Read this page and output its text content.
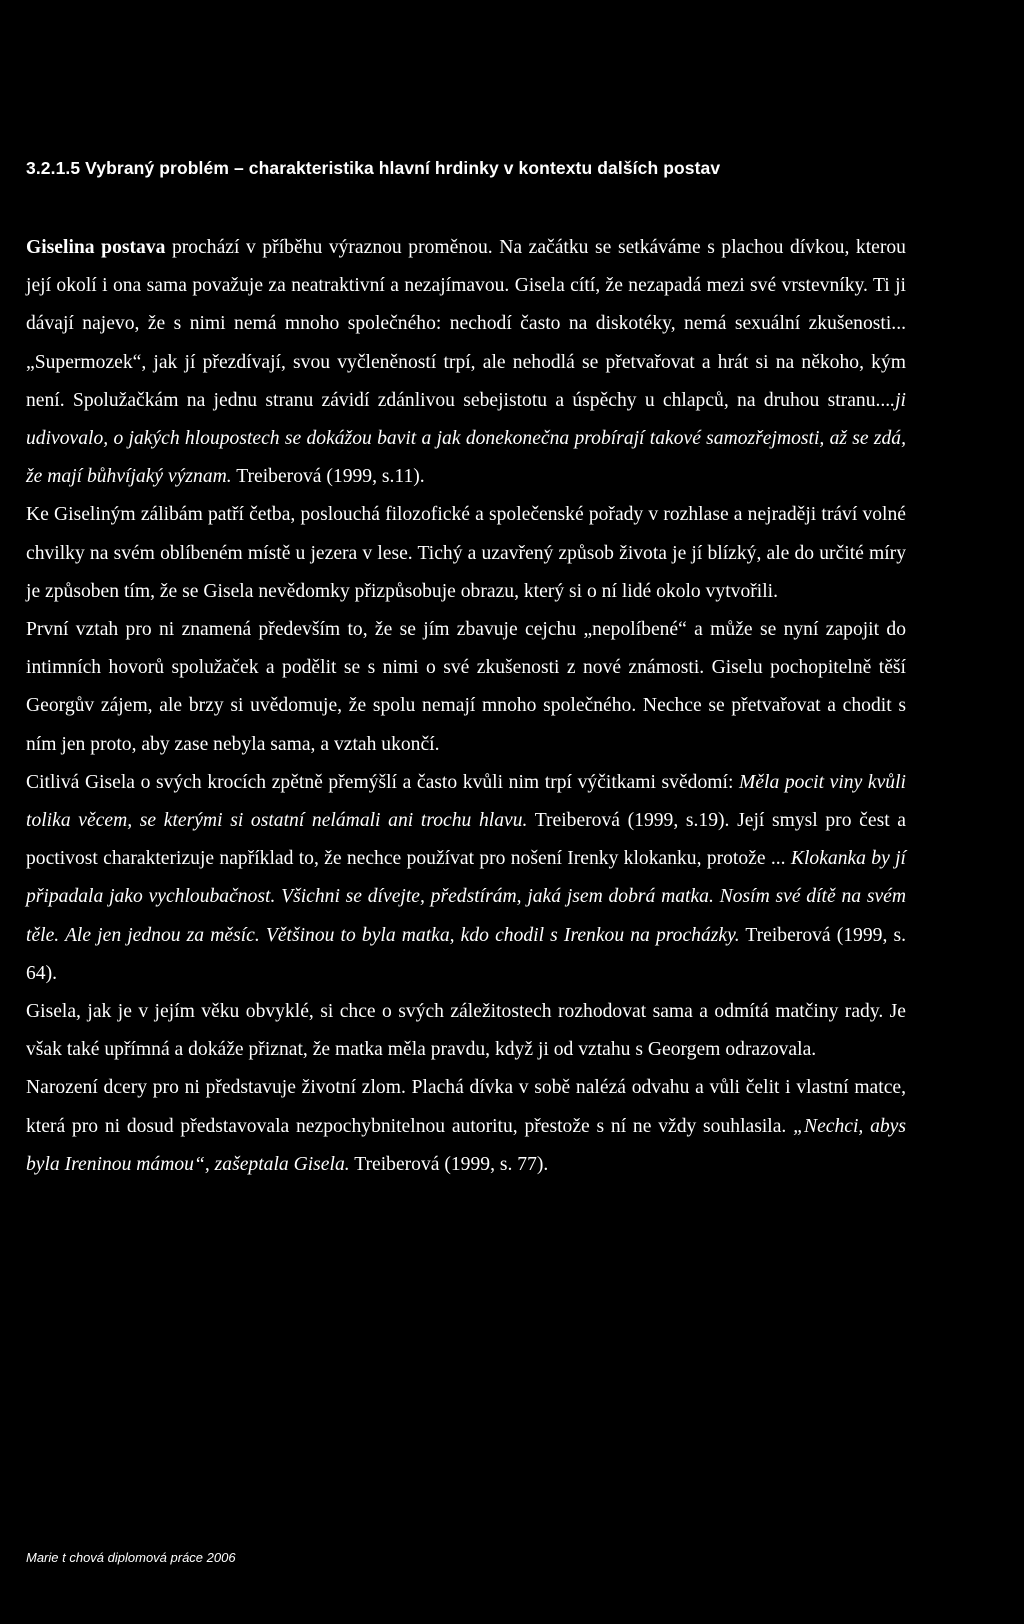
3.2.1.5 Vybraný problém – charakteristika hlavní hrdinky v kontextu dalších postav

Giselina postava prochází v příběhu výraznou proměnou. Na začátku se setkáváme s plachou dívkou, kterou její okolí i ona sama považuje za neatraktivní a nezajímavou. Gisela cítí, že nezapadá mezi své vrstevníky. Ti ji dávají najevo, že s nimi nemá mnoho společného: nechodí často na diskotéky, nemá sexuální zkušenosti... „Supermozek“, jak jí přezdívají, svou vyčleněností trpí, ale nehodlá se přetvařovat a hrát si na někoho, kým není. Spolužačkám na jednu stranu závidí zdánlivou sebejistotu a úspěchy u chlapců, na druhou stranu....ji udivovalo, o jakých hloupostech se dokážou bavit a jak donekonečna probírají takové samozřejmosti, až se zdá, že mají bůhvíjaký význam. Treiberová (1999, s.11).

Ke Giseliným zálibám patří četba, poslouchá filozofické a společenské pořady v rozhlase a nejraději tráví volné chvilky na svém oblíbeném místě u jezera v lese. Tichý a uzavřený způsob života je jí blízký, ale do určité míry je způsoben tím, že se Gisela nevědomky přizpůsobuje obrazu, který si o ní lidé okolo vytvořili.

První vztah pro ni znamená především to, že se jím zbavuje cejchu „nepolíbené“ a může se nyní zapojit do intimních hovorů spolužaček a podělit se s nimi o své zkušenosti z nové známosti. Giselu pochopitelně těší Georgův zájem, ale brzy si uvědomuje, že spolu nemají mnoho společného. Nechce se přetvařovat a chodit s ním jen proto, aby zase nebyla sama, a vztah ukončí.

Citlivá Gisela o svých krocích zpětně přemýšlí a často kvůli nim trpí výčitkami svědomí: Měla pocit viny kvůli tolika věcem, se kterými si ostatní nelámali ani trochu hlavu. Treiberová (1999, s.19). Její smysl pro čest a poctivost charakterizuje například to, že nechce používat pro nošení Irenky klokanku, protože ... Klokanka by jí připadala jako vychloubačnost. Všichni se dívejte, předstírám, jaká jsem dobrá matka. Nosím své dítě na svém těle. Ale jen jednou za měsíc. Většinou to byla matka, kdo chodil s Irenkou na procházky. Treiberová (1999, s. 64).

Gisela, jak je v jejím věku obvyklé, si chce o svých záležitostech rozhodovat sama a odmítá matčiny rady. Je však také upřímná a dokáže přiznat, že matka měla pravdu, když ji od vztahu s Georgem odrazovala.

Narození dcery pro ni představuje životní zlom. Plachá dívka v sobě nalézá odvahu a vůli čelit i vlastní matce, která pro ni dosud představovala nezpochybnitelnou autoritu, přestože s ní ne vždy souhlasila. „Nechci, abys byla Ireninou mámou“, zašeptala Gisela. Treiberová (1999, s. 77).

Marie t chová diplomová práce 2006
